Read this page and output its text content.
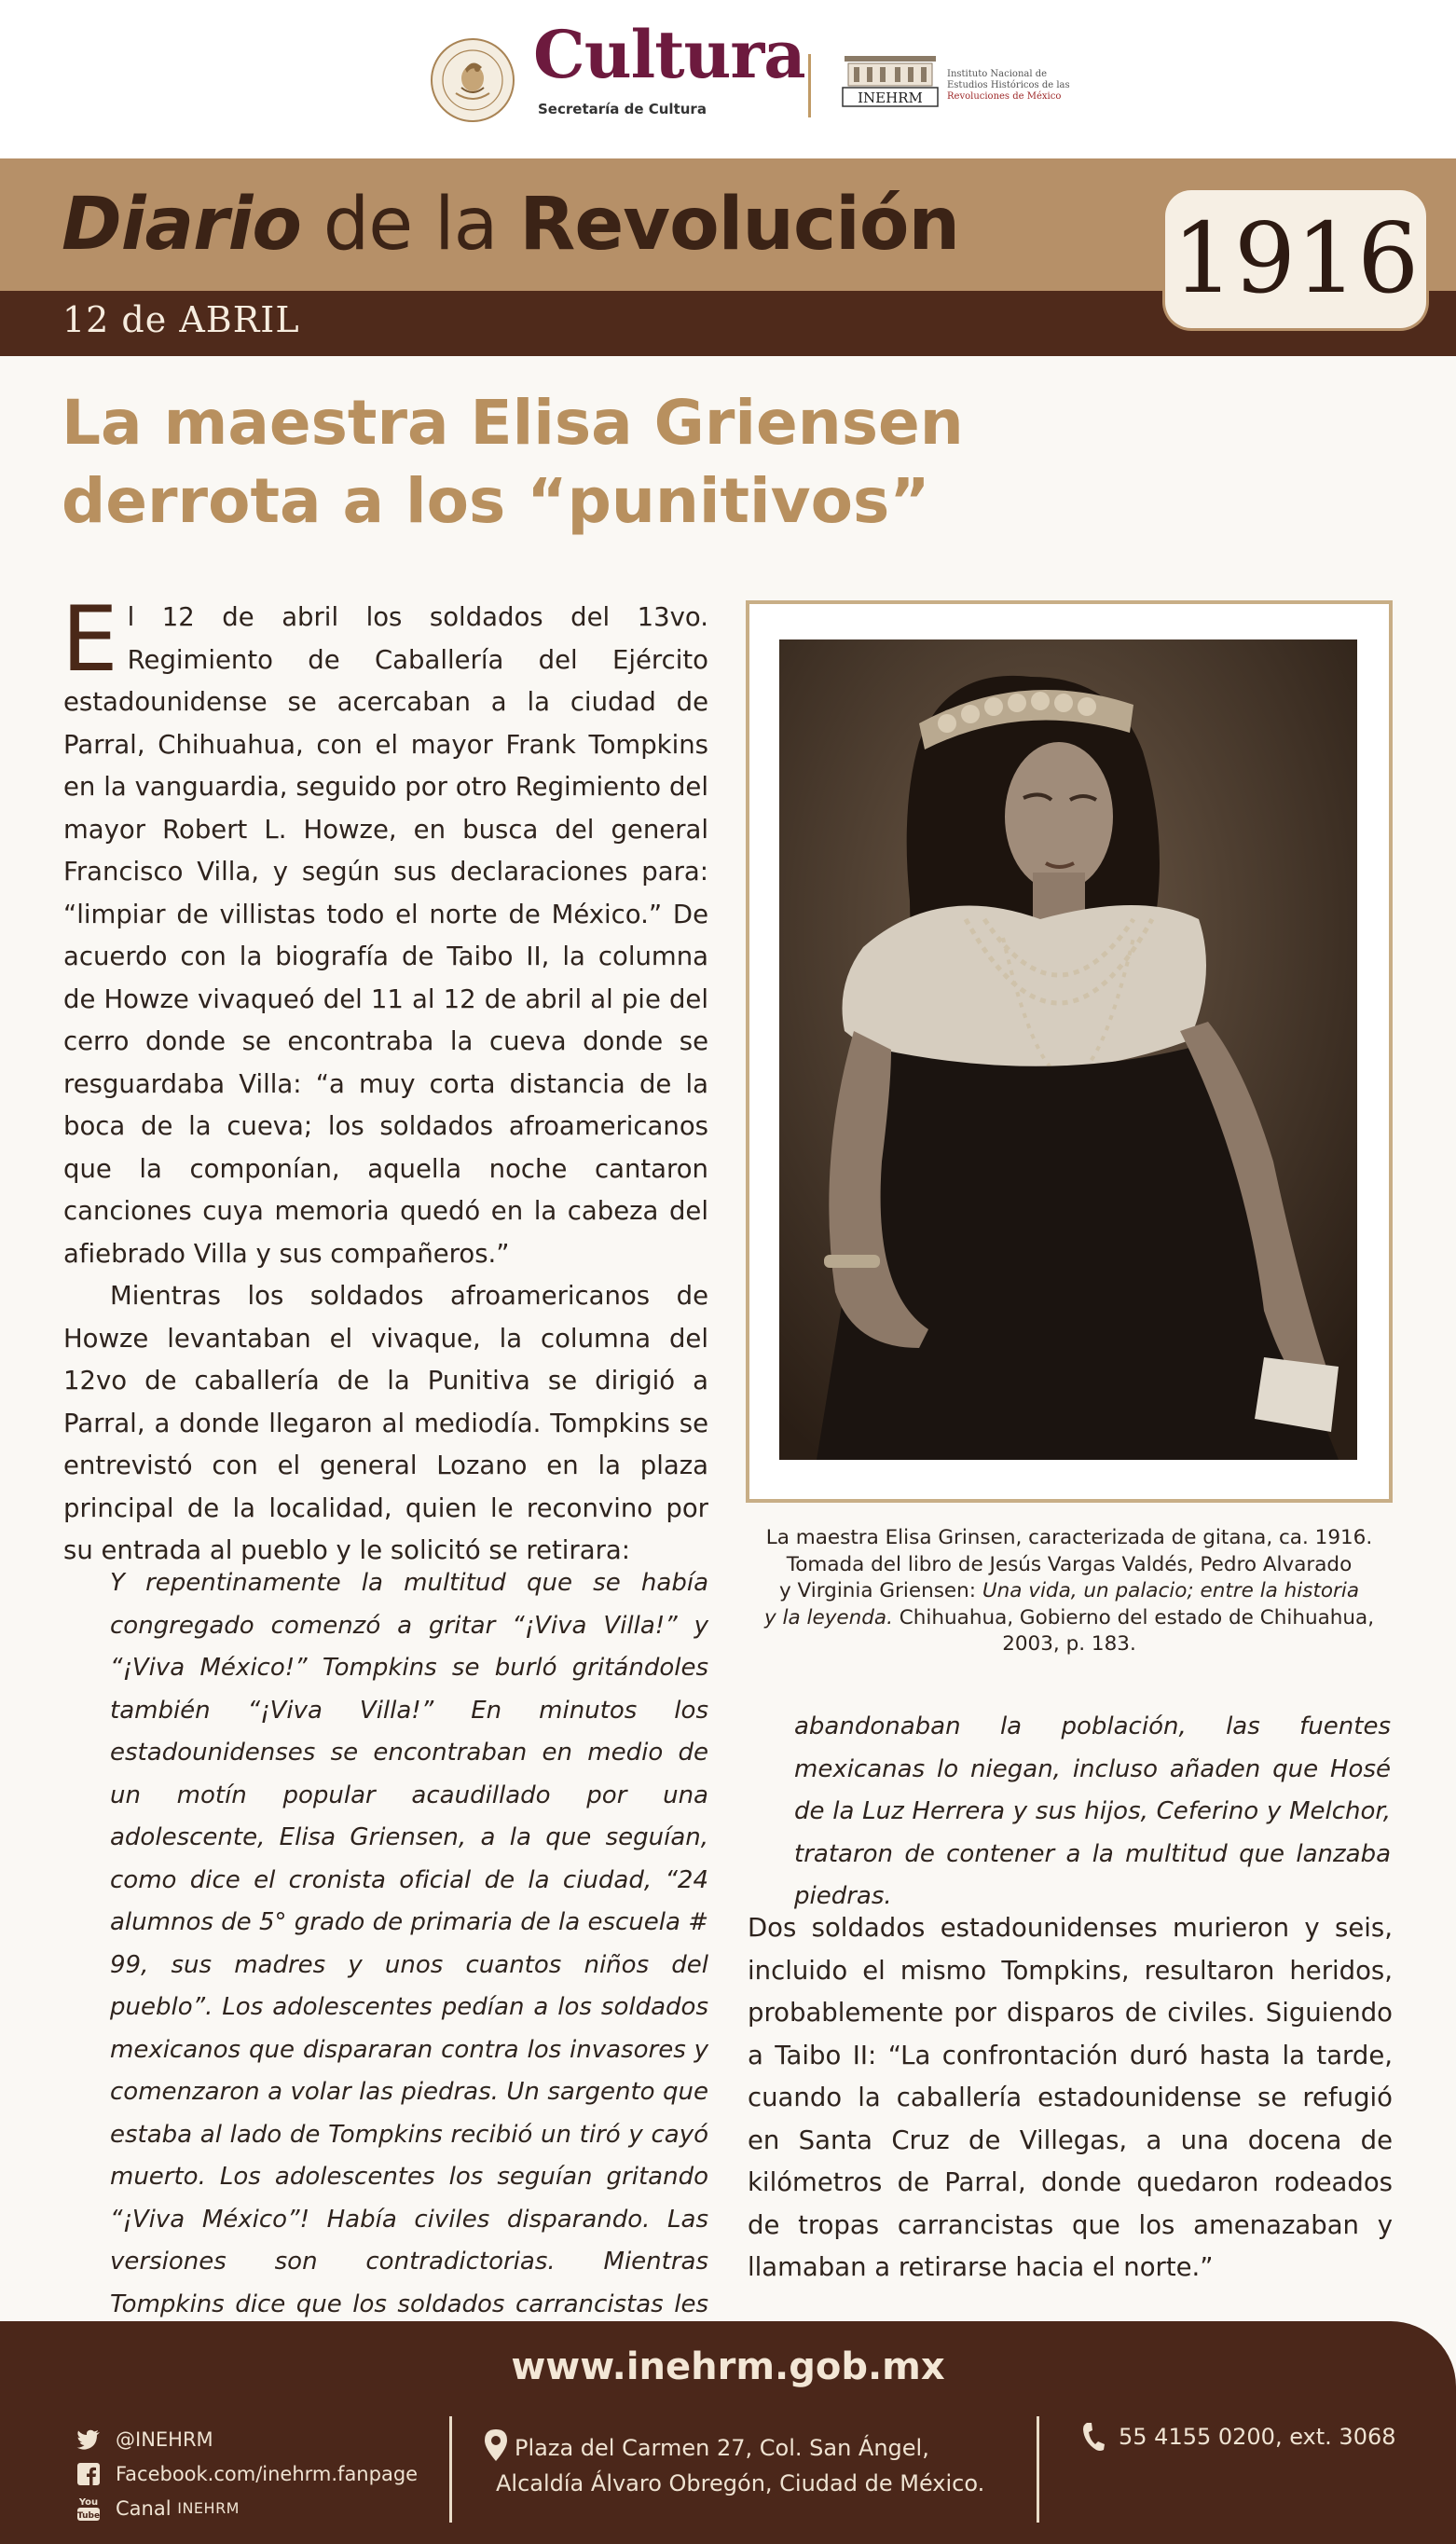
Cultura
Secretaría de Cultura
INEHRM
Instituto Nacional de
Estudios Históricos de las
Revoluciones de México
Diario de la Revolución
12 de ABRIL
1916
La maestra Elisa Griensen
derrota a los “punitivos”

El 12 de abril los soldados del 13vo. Regimiento de Caballería del Ejército estadounidense se acercaban a la ciudad de Parral, Chihuahua, con el mayor Frank Tompkins en la vanguardia, seguido por otro Regimiento del mayor Robert L. Howze, en busca del general Francisco Villa, y según sus declaraciones para: “limpiar de villistas todo el norte de México.” De acuerdo con la biografía de Taibo II, la columna de Howze vivaqueó del 11 al 12 de abril al pie del cerro donde se encontraba la cueva donde se resguardaba Villa: “a muy corta distancia de la boca de la cueva; los soldados afroamericanos que la componían, aquella noche cantaron canciones cuya memoria quedó en la cabeza del afiebrado Villa y sus compañeros.”

Mientras los soldados afroamericanos de Howze levantaban el vivaque, la columna del 12vo de caballería de la Punitiva se dirigió a Parral, a donde llegaron al mediodía. Tompkins se entrevistó con el general Lozano en la plaza principal de la localidad, quien le reconvino por su entrada al pueblo y le solicitó se retirara:

Y repentinamente la multitud que se había congregado comenzó a gritar “¡Viva Villa!” y “¡Viva México!” Tompkins se burló gritándoles también “¡Viva Villa!” En minutos los estadounidenses se encontraban en medio de un motín popular acaudillado por una adolescente, Elisa Griensen, a la que seguían, como dice el cronista oficial de la ciudad, “24 alumnos de 5° grado de primaria de la escuela # 99, sus madres y unos cuantos niños del pueblo”. Los adolescentes pedían a los soldados mexicanos que dispararan contra los invasores y comenzaron a volar las piedras. Un sargento que estaba al lado de Tompkins recibió un tiró y cayó muerto. Los adolescentes los seguían gritando “¡Viva México”! Había civiles disparando. Las versiones son contradictorias. Mientras Tompkins dice que los soldados carrancistas les

La maestra Elisa Grinsen, caracterizada de gitana, ca. 1916.
Tomada del libro de Jesús Vargas Valdés, Pedro Alvarado
y Virginia Griensen: Una vida, un palacio; entre la historia
y la leyenda. Chihuahua, Gobierno del estado de Chihuahua,
2003, p. 183.

abandonaban la población, las fuentes mexicanas lo niegan, incluso añaden que Hosé de la Luz Herrera y sus hijos, Ceferino y Melchor, trataron de contener a la multitud que lanzaba piedras.

Dos soldados estadounidenses murieron y seis, incluido el mismo Tompkins, resultaron heridos, probablemente por disparos de civiles. Siguiendo a Taibo II: “La confrontación duró hasta la tarde, cuando la caballería estadounidense se refugió en Santa Cruz de Villegas, a una docena de kilómetros de Parral, donde quedaron rodeados de tropas carrancistas que los amenazaban y llamaban a retirarse hacia el norte.”

www.inehrm.gob.mx
@INEHRM
Facebook.com/inehrm.fanpage
You
Tube Canal
INEHRM
Plaza del Carmen 27, Col. San Ángel,
Alcaldía Álvaro Obregón, Ciudad de México.
55 4155 0200, ext. 3068
